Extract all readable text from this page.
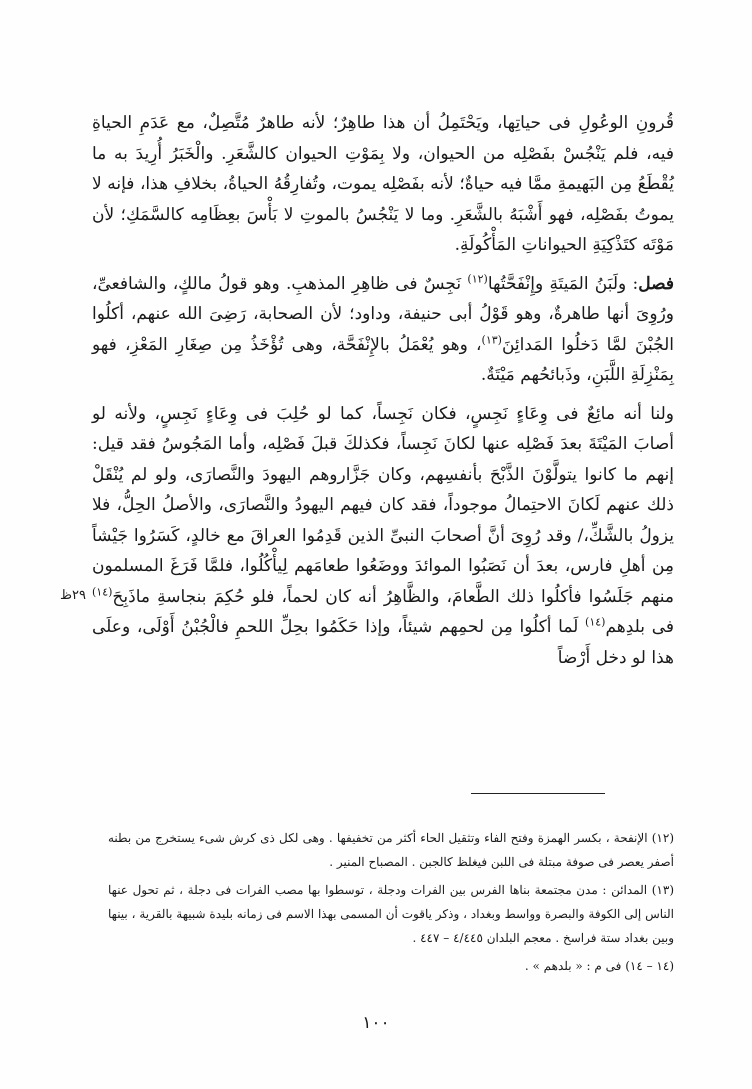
قُرونِ الوعُولِ فى حياتِها، ويَحْتَمِلُ أن هذا طاهِرٌ؛ لأنه طاهرٌ مُتَّصِلٌ، مع عَدَمِ الحياةِ فيه، فلم يَنْجُسْ بفَصْلِه من الحيوان، ولا بِمَوْتِ الحيوان كالشَّعَرِ. والْخَبَرُ أُرِيدَ به ما يُقْطَعُ مِن البَهيمةِ ممَّا فيه حياةٌ؛ لأنه بفَصْلِه يموت، وتُفارِقُهُ الحياةُ، بخلافِ هذا، فإنه لا يموتُ بفَصْلِه، فهو أَشْبَهُ بالشَّعَرِ. وما لا يَنْجُسُ بالموتِ لا بَأْسَ بعِظَامِه كالسَّمَكِ؛ لأن مَوْتَه كتَذْكِيَةِ الحيواناتِ المَأْكُولَةِ.

فصل: ولَبَنُ المَيتَةِ وإِنْفَحَّتُها$^{(١٢)}$ نَجِسٌ فى ظاهِرِ المذهبِ. وهو قولُ مالكٍ، والشافعىِّ، ورُوِىَ أنها طاهرةٌ، وهو قَوْلُ أبى حنيفة، وداود؛ لأن الصحابة، رَضِىَ الله عنهم، أكلُوا الجُبْنَ لمَّا دَخلُوا المَدائِنَ$^{(١٣)}$، وهو يُعْمَلُ بالإِنْفَحَّة، وهى تُؤْخَذُ مِن صِغَارِ المَعْزِ، فهو بِمَنْزِلَةِ اللَّبَنِ، وذَبائحُهم مَيْتَةٌ.

ولنا أنه مائِعٌ فى وِعَاءٍ نَجِسٍ، فكان نَجِساً، كما لو حُلِبَ فى وِعَاءٍ نَجِسٍ، ولأنه لو أصابَ المَيْتَةَ بعدَ فَصْلِه عنها لكانَ نَجِساً، فكذلكَ قبلَ فَصْلِه، وأما المَجُوسُ فقد قيل: إنهم ما كانوا يتولَّوْنَ الذَّبْحَ بأنفسِهم، وكان جَزَّاروهم اليهودَ والنَّصارَى، ولو لم يُنْقَلْ ذلك عنهم لَكانَ الاحتِمالُ موجوداً، فقد كان فيهم اليهودُ والنَّصارَى، والأصلُ الحِلُّ، فلا يزولُ بالشَّكِّ،/ وقد رُوِىَ أنَّ أصحابَ النبىِّ الذين قَدِمُوا العراقَ مع خالدٍ، كَسَرُوا جَيْشاً مِن أهلِ فارس، بعدَ أن نَصَبُوا الموائدَ ووضَعُوا طعامَهم لِيأْكُلُوا، فلمَّا فَرَغَ المسلمون منهم جَلَسُوا فأكلُوا ذلك الطَّعامَ، والظَّاهِرُ أنه كان لحماً، فلو حُكِمَ بنجاسةِ ماذَبِحَ$^{(١٤)}$ فى بلدِهم$^{(١٤)}$ لَما أكلُوا مِن لحمِهم شيئاً، وإذا حَكَمُوا بحِلِّ اللحمِ فالْجُبْنُ أَوْلَى، وعلَى هذا لو دخل أَرْضاً

٢٩ظ

(١٢) الإنفحة ، بكسر الهمزة وفتح الفاء وتثقيل الحاء أكثر من تخفيفها . وهى لكل ذى كرش شىء يستخرج من بطنه أصفر يعصر فى صوفة مبتلة فى اللبن فيغلظ كالجبن . المصباح المنير .

(١٣) المدائن : مدن مجتمعة بناها الفرس بين الفرات ودجلة ، توسطوا بها مصب الفرات فى دجلة ، ثم تحول عنها الناس إلى الكوفة والبصرة وواسط وبغداد ، وذكر ياقوت أن المسمى بهذا الاسم فى زمانه بليدة شبيهة بالقرية ، بينها وبين بغداد ستة فراسخ . معجم البلدان ٤/٤٤٥ – ٤٤٧ .

(١٤ – ١٤) فى م : « بلدهم » .

١٠٠
